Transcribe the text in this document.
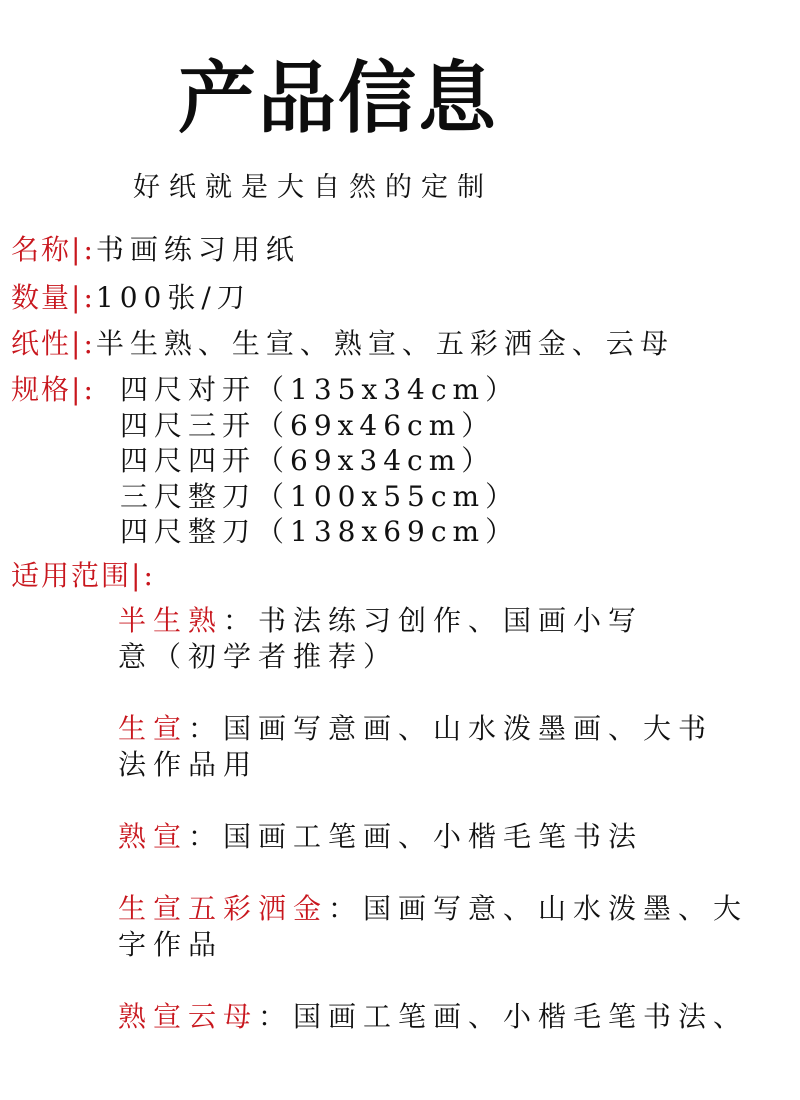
产品信息
好纸就是大自然的定制
名称|:书画练习用纸
数量|:100张/刀
纸性|:半生熟、生宣、熟宣、五彩洒金、云母
规格|: 四尺对开（135x34cm）
四尺三开（69x46cm）
四尺四开（69x34cm）
三尺整刀（100x55cm）
四尺整刀（138x69cm）
适用范围|:
半生熟：书法练习创作、国画小写
意（初学者推荐）
生宣：国画写意画、山水泼墨画、大书
法作品用
熟宣：国画工笔画、小楷毛笔书法
生宣五彩洒金：国画写意、山水泼墨、大
字作品
熟宣云母：国画工笔画、小楷毛笔书法、
